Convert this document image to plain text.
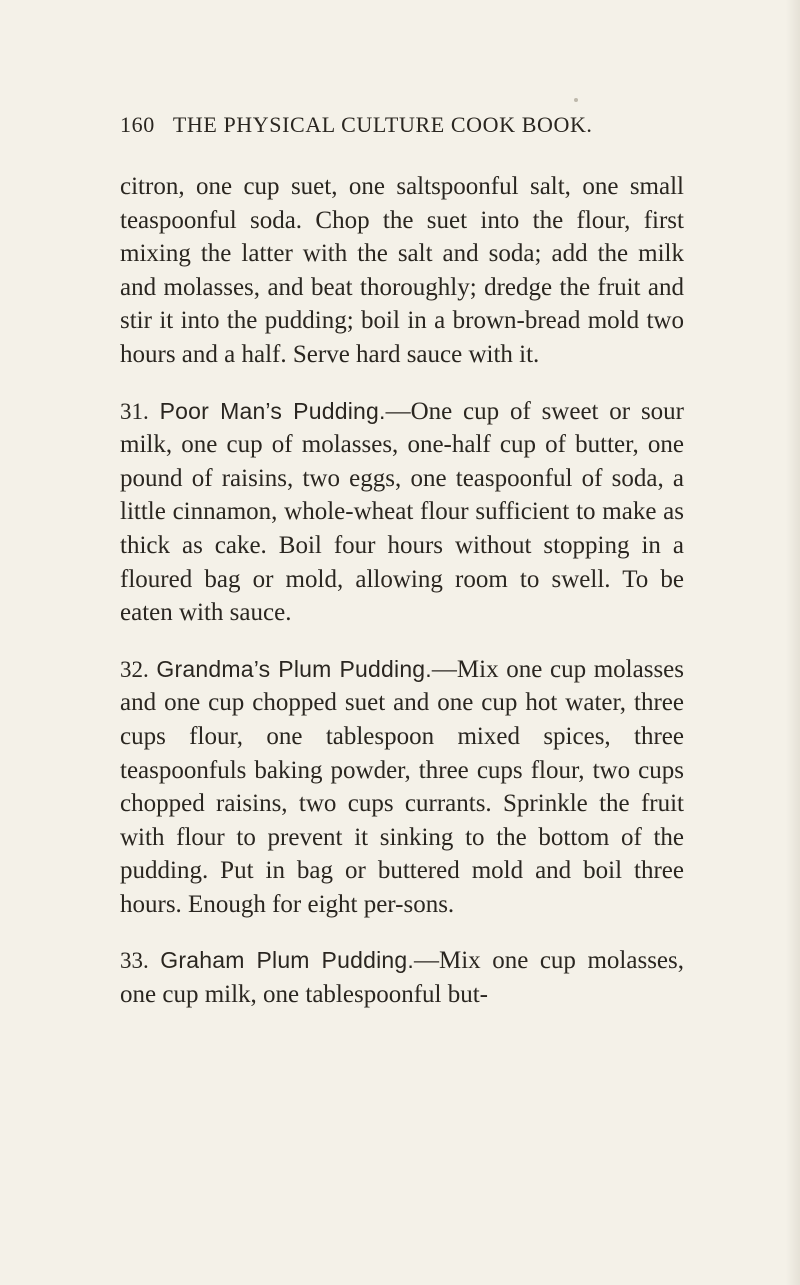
160 THE PHYSICAL CULTURE COOK BOOK.

citron, one cup suet, one saltspoonful salt, one small teaspoonful soda. Chop the suet into the flour, first mixing the latter with the salt and soda; add the milk and molasses, and beat thoroughly; dredge the fruit and stir it into the pudding; boil in a brown-bread mold two hours and a half. Serve hard sauce with it.

31. Poor Man’s Pudding.—One cup of sweet or sour milk, one cup of molasses, one-half cup of butter, one pound of raisins, two eggs, one teaspoonful of soda, a little cinnamon, whole-wheat flour sufficient to make as thick as cake. Boil four hours without stopping in a floured bag or mold, allowing room to swell. To be eaten with sauce.

32. Grandma’s Plum Pudding.—Mix one cup molasses and one cup chopped suet and one cup hot water, three cups flour, one tablespoon mixed spices, three teaspoonfuls baking powder, three cups flour, two cups chopped raisins, two cups currants. Sprinkle the fruit with flour to prevent it sinking to the bottom of the pudding. Put in bag or buttered mold and boil three hours. Enough for eight per-sons.

33. Graham Plum Pudding.—Mix one cup molasses, one cup milk, one tablespoonful but-
